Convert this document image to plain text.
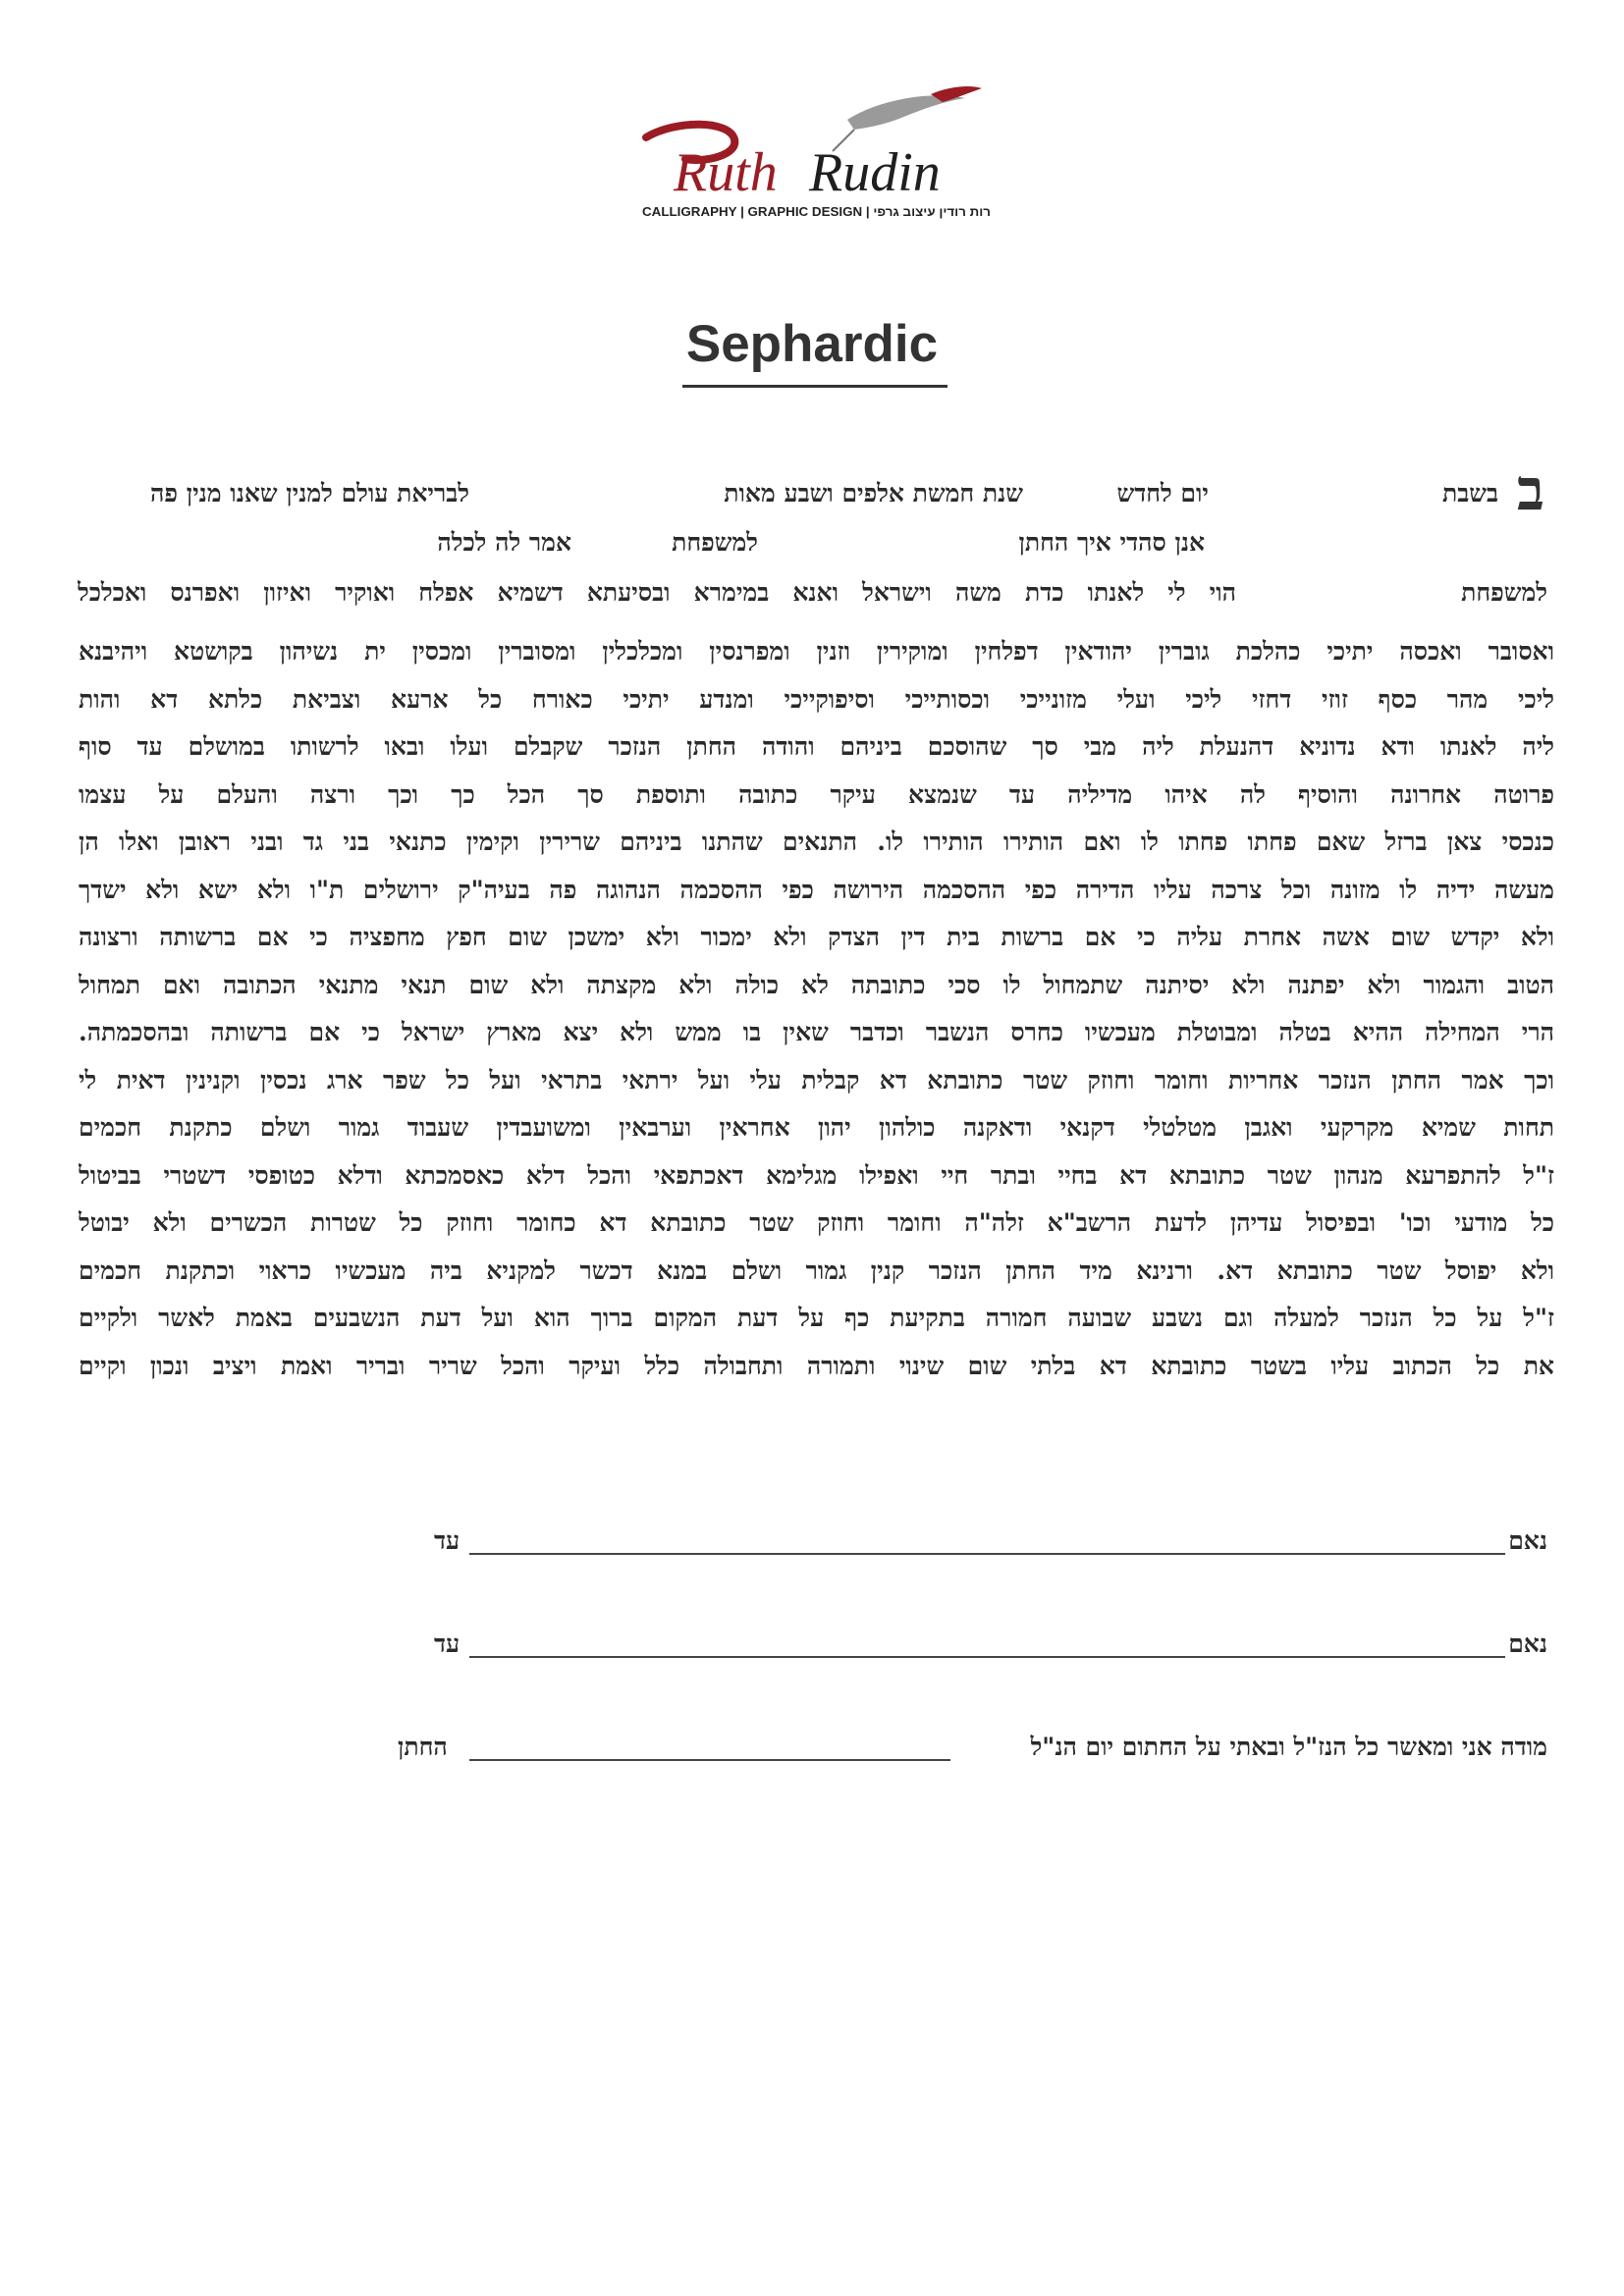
Ruth Rudin
CALLIGRAPHY | GRAPHIC DESIGN | רות רודין עיצוב גרפי
Sephardic
ב
בשבת
יום לחדש
שנת חמשת אלפים ושבע מאות
לבריאת עולם למנין שאנו מנין פה
אנן סהדי איך החתן
למשפחת
אמר לה לכלה
למשפחת
הוי לי לאנתו כדת משה וישראל ואנא במימרא ובסיעתא דשמיא אפלח ואוקיר ואיזון ואפרנס ואכלכל
ואסובר ואכסה יתיכי כהלכת גוברין יהודאין דפלחין ומוקירין וזנין ומפרנסין ומכלכלין ומסוברין ומכסין ית נשיהון בקושטא ויהיבנא
ליכי מהר כסף זוזי דחזי ליכי ועלי מזונייכי וכסותייכי וסיפוקייכי ומנדע יתיכי כאורח כל ארעא וצביאת כלתא דא והות
ליה לאנתו ודא נדוניא דהנעלת ליה מבי סך שהוסכם ביניהם והודה החתן הנזכר שקבלם ועלו ובאו לרשותו במושלם עד סוף
פרוטה אחרונה והוסיף לה איהו מדיליה עד שנמצא עיקר כתובה ותוספת סך הכל כך וכך ורצה והעלם על עצמו
כנכסי צאן ברזל שאם פחתו פחתו לו ואם הותירו הותירו לו. התנאים שהתנו ביניהם שרירין וקימין כתנאי בני גד ובני ראובן ואלו הן
מעשה ידיה לו מזונה וכל צרכה עליו הדירה כפי ההסכמה הירושה כפי ההסכמה הנהוגה פה בעיה"ק ירושלים ת"ו ולא ישא ולא ישדך
ולא יקדש שום אשה אחרת עליה כי אם ברשות בית דין הצדק ולא ימכור ולא ימשכן שום חפץ מחפציה כי אם ברשותה ורצונה
הטוב והגמור ולא יפתנה ולא יסיתנה שתמחול לו סכי כתובתה לא כולה ולא מקצתה ולא שום תנאי מתנאי הכתובה ואם תמחול
הרי המחילה ההיא בטלה ומבוטלת מעכשיו כחרס הנשבר וכדבר שאין בו ממש ולא יצא מארץ ישראל כי אם ברשותה ובהסכמתה.
וכך אמר החתן הנזכר אחריות וחומר וחוזק שטר כתובתא דא קבלית עלי ועל ירתאי בתראי ועל כל שפר ארג נכסין וקנינין דאית לי
תחות שמיא מקרקעי ואגבן מטלטלי דקנאי ודאקנה כולהון יהון אחראין וערבאין ומשועבדין שעבוד גמור ושלם כתקנת חכמים
ז"ל להתפרעא מנהון שטר כתובתא דא בחיי ובתר חיי ואפילו מגלימא דאכתפאי והכל דלא כאסמכתא ודלא כטופסי דשטרי בביטול
כל מודעי וכו' ובפיסול עדיהן לדעת הרשב"א זלה"ה וחומר וחוזק שטר כתובתא דא כחומר וחוזק כל שטרות הכשרים ולא יבוטל
ולא יפוסל שטר כתובתא דא. ורנינא מיד החתן הנזכר קנין גמור ושלם במנא דכשר למקניא ביה מעכשיו כראוי וכתקנת חכמים
ז"ל על כל הנזכר למעלה וגם נשבע שבועה חמורה בתקיעת כף על דעת המקום ברוך הוא ועל דעת הנשבעים באמת לאשר ולקיים
את כל הכתוב עליו בשטר כתובתא דא בלתי שום שינוי ותמורה ותחבולה כלל ועיקר והכל שריר ובריר ואמת ויציב ונכון וקיים
נאם
עד
נאם
עד
מודה אני ומאשר כל הנז"ל ובאתי על החתום יום הנ"ל
החתן
